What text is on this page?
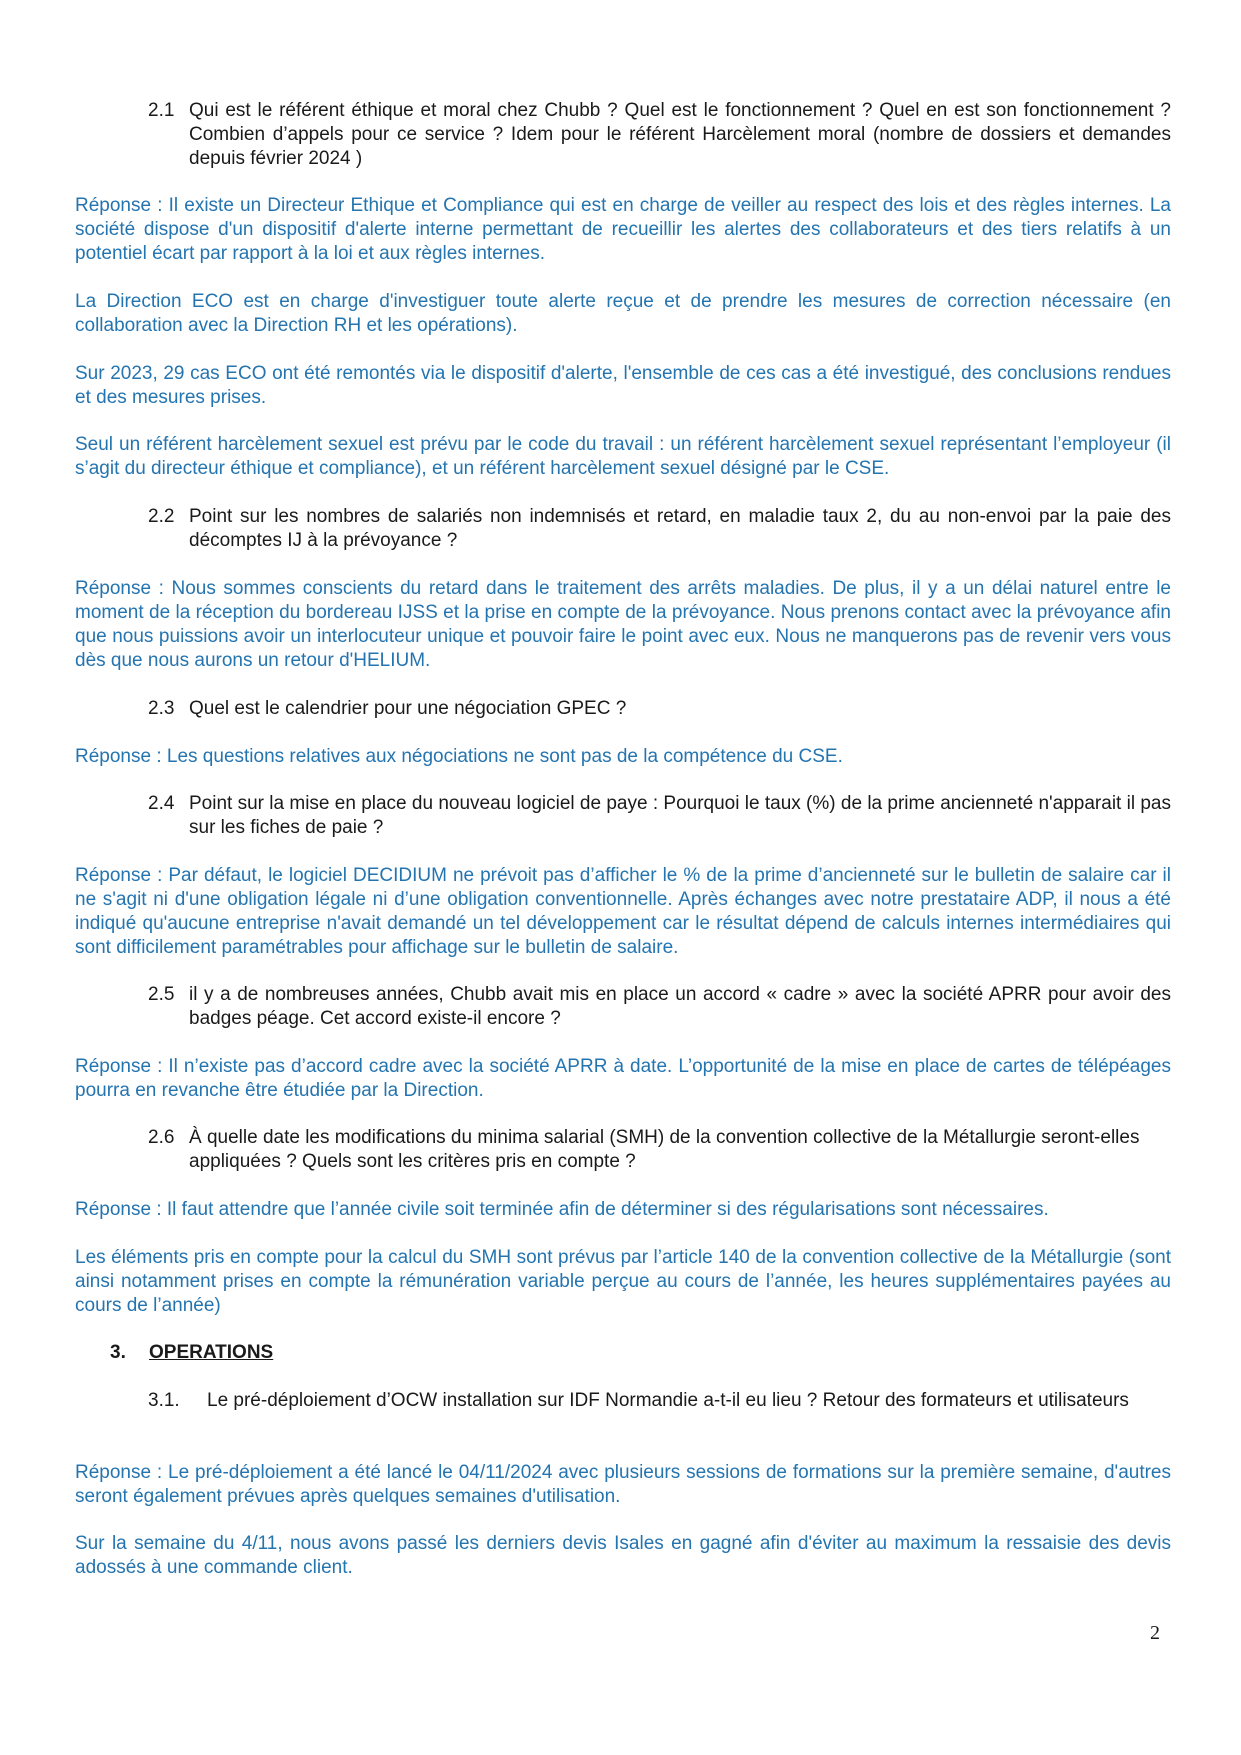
2.1 Qui est le référent éthique et moral chez Chubb ? Quel est le fonctionnement ? Quel en est son fonctionnement ? Combien d’appels pour ce service ? Idem pour le référent Harcèlement moral (nombre de dossiers et demandes depuis février 2024 )
Réponse : Il existe un Directeur Ethique et Compliance qui est en charge de veiller au respect des lois et des règles internes. La société dispose d'un dispositif d'alerte interne permettant de recueillir les alertes des collaborateurs et des tiers relatifs à un potentiel écart par rapport à la loi et aux règles internes.
La Direction ECO est en charge d'investiguer toute alerte reçue et de prendre les mesures de correction nécessaire (en collaboration avec la Direction RH et les opérations).
Sur 2023, 29 cas ECO ont été remontés via le dispositif d'alerte, l'ensemble de ces cas a été investigué, des conclusions rendues et des mesures prises.
Seul un référent harcèlement sexuel est prévu par le code du travail : un référent harcèlement sexuel représentant l’employeur (il s’agit du directeur éthique et compliance), et un référent harcèlement sexuel désigné par le CSE.
2.2 Point sur les nombres de salariés non indemnisés et retard, en maladie taux 2, du au non-envoi par la paie des décomptes IJ à la prévoyance ?
Réponse : Nous sommes conscients du retard dans le traitement des arrêts maladies. De plus, il y a un délai naturel entre le moment de la réception du bordereau IJSS et la prise en compte de la prévoyance. Nous prenons contact avec la prévoyance afin que nous puissions avoir un interlocuteur unique et pouvoir faire le point avec eux. Nous ne manquerons pas de revenir vers vous dès que nous aurons un retour d'HELIUM.
2.3 Quel est le calendrier pour une négociation GPEC ?
Réponse : Les questions relatives aux négociations ne sont pas de la compétence du CSE.
2.4 Point sur la mise en place du nouveau logiciel de paye : Pourquoi le taux (%) de la prime ancienneté n'apparait il pas sur les fiches de paie ?
Réponse : Par défaut, le logiciel DECIDIUM ne prévoit pas d’afficher le % de la prime d’ancienneté sur le bulletin de salaire car il ne s'agit ni d'une obligation légale ni d’une obligation conventionnelle. Après échanges avec notre prestataire ADP, il nous a été indiqué qu'aucune entreprise n'avait demandé un tel développement car le résultat dépend de calculs internes intermédiaires qui sont difficilement paramétrables pour affichage sur le bulletin de salaire.
2.5 il y a de nombreuses années, Chubb avait mis en place un accord « cadre » avec la société APRR pour avoir des badges péage. Cet accord existe-il encore ?
Réponse : Il n’existe pas d’accord cadre avec la société APRR à date. L’opportunité de la mise en place de cartes de télépéages pourra en revanche être étudiée par la Direction.
2.6 À quelle date les modifications du minima salarial (SMH) de la convention collective de la Métallurgie seront-elles appliquées ? Quels sont les critères pris en compte ?
Réponse : Il faut attendre que l’année civile soit terminée afin de déterminer si des régularisations sont nécessaires.
Les éléments pris en compte pour la calcul du SMH sont prévus par l’article 140 de la convention collective de la Métallurgie (sont ainsi notamment prises en compte la rémunération variable perçue au cours de l’année, les heures supplémentaires payées au cours de l’année)
3. OPERATIONS
3.1. Le pré-déploiement d’OCW installation sur IDF Normandie a-t-il eu lieu ? Retour des formateurs et utilisateurs
Réponse : Le pré-déploiement a été lancé le 04/11/2024 avec plusieurs sessions de formations sur la première semaine, d'autres seront également prévues après quelques semaines d'utilisation.
Sur la semaine du 4/11, nous avons passé les derniers devis Isales en gagné afin d'éviter au maximum la ressaisie des devis adossés à une commande client.
2
